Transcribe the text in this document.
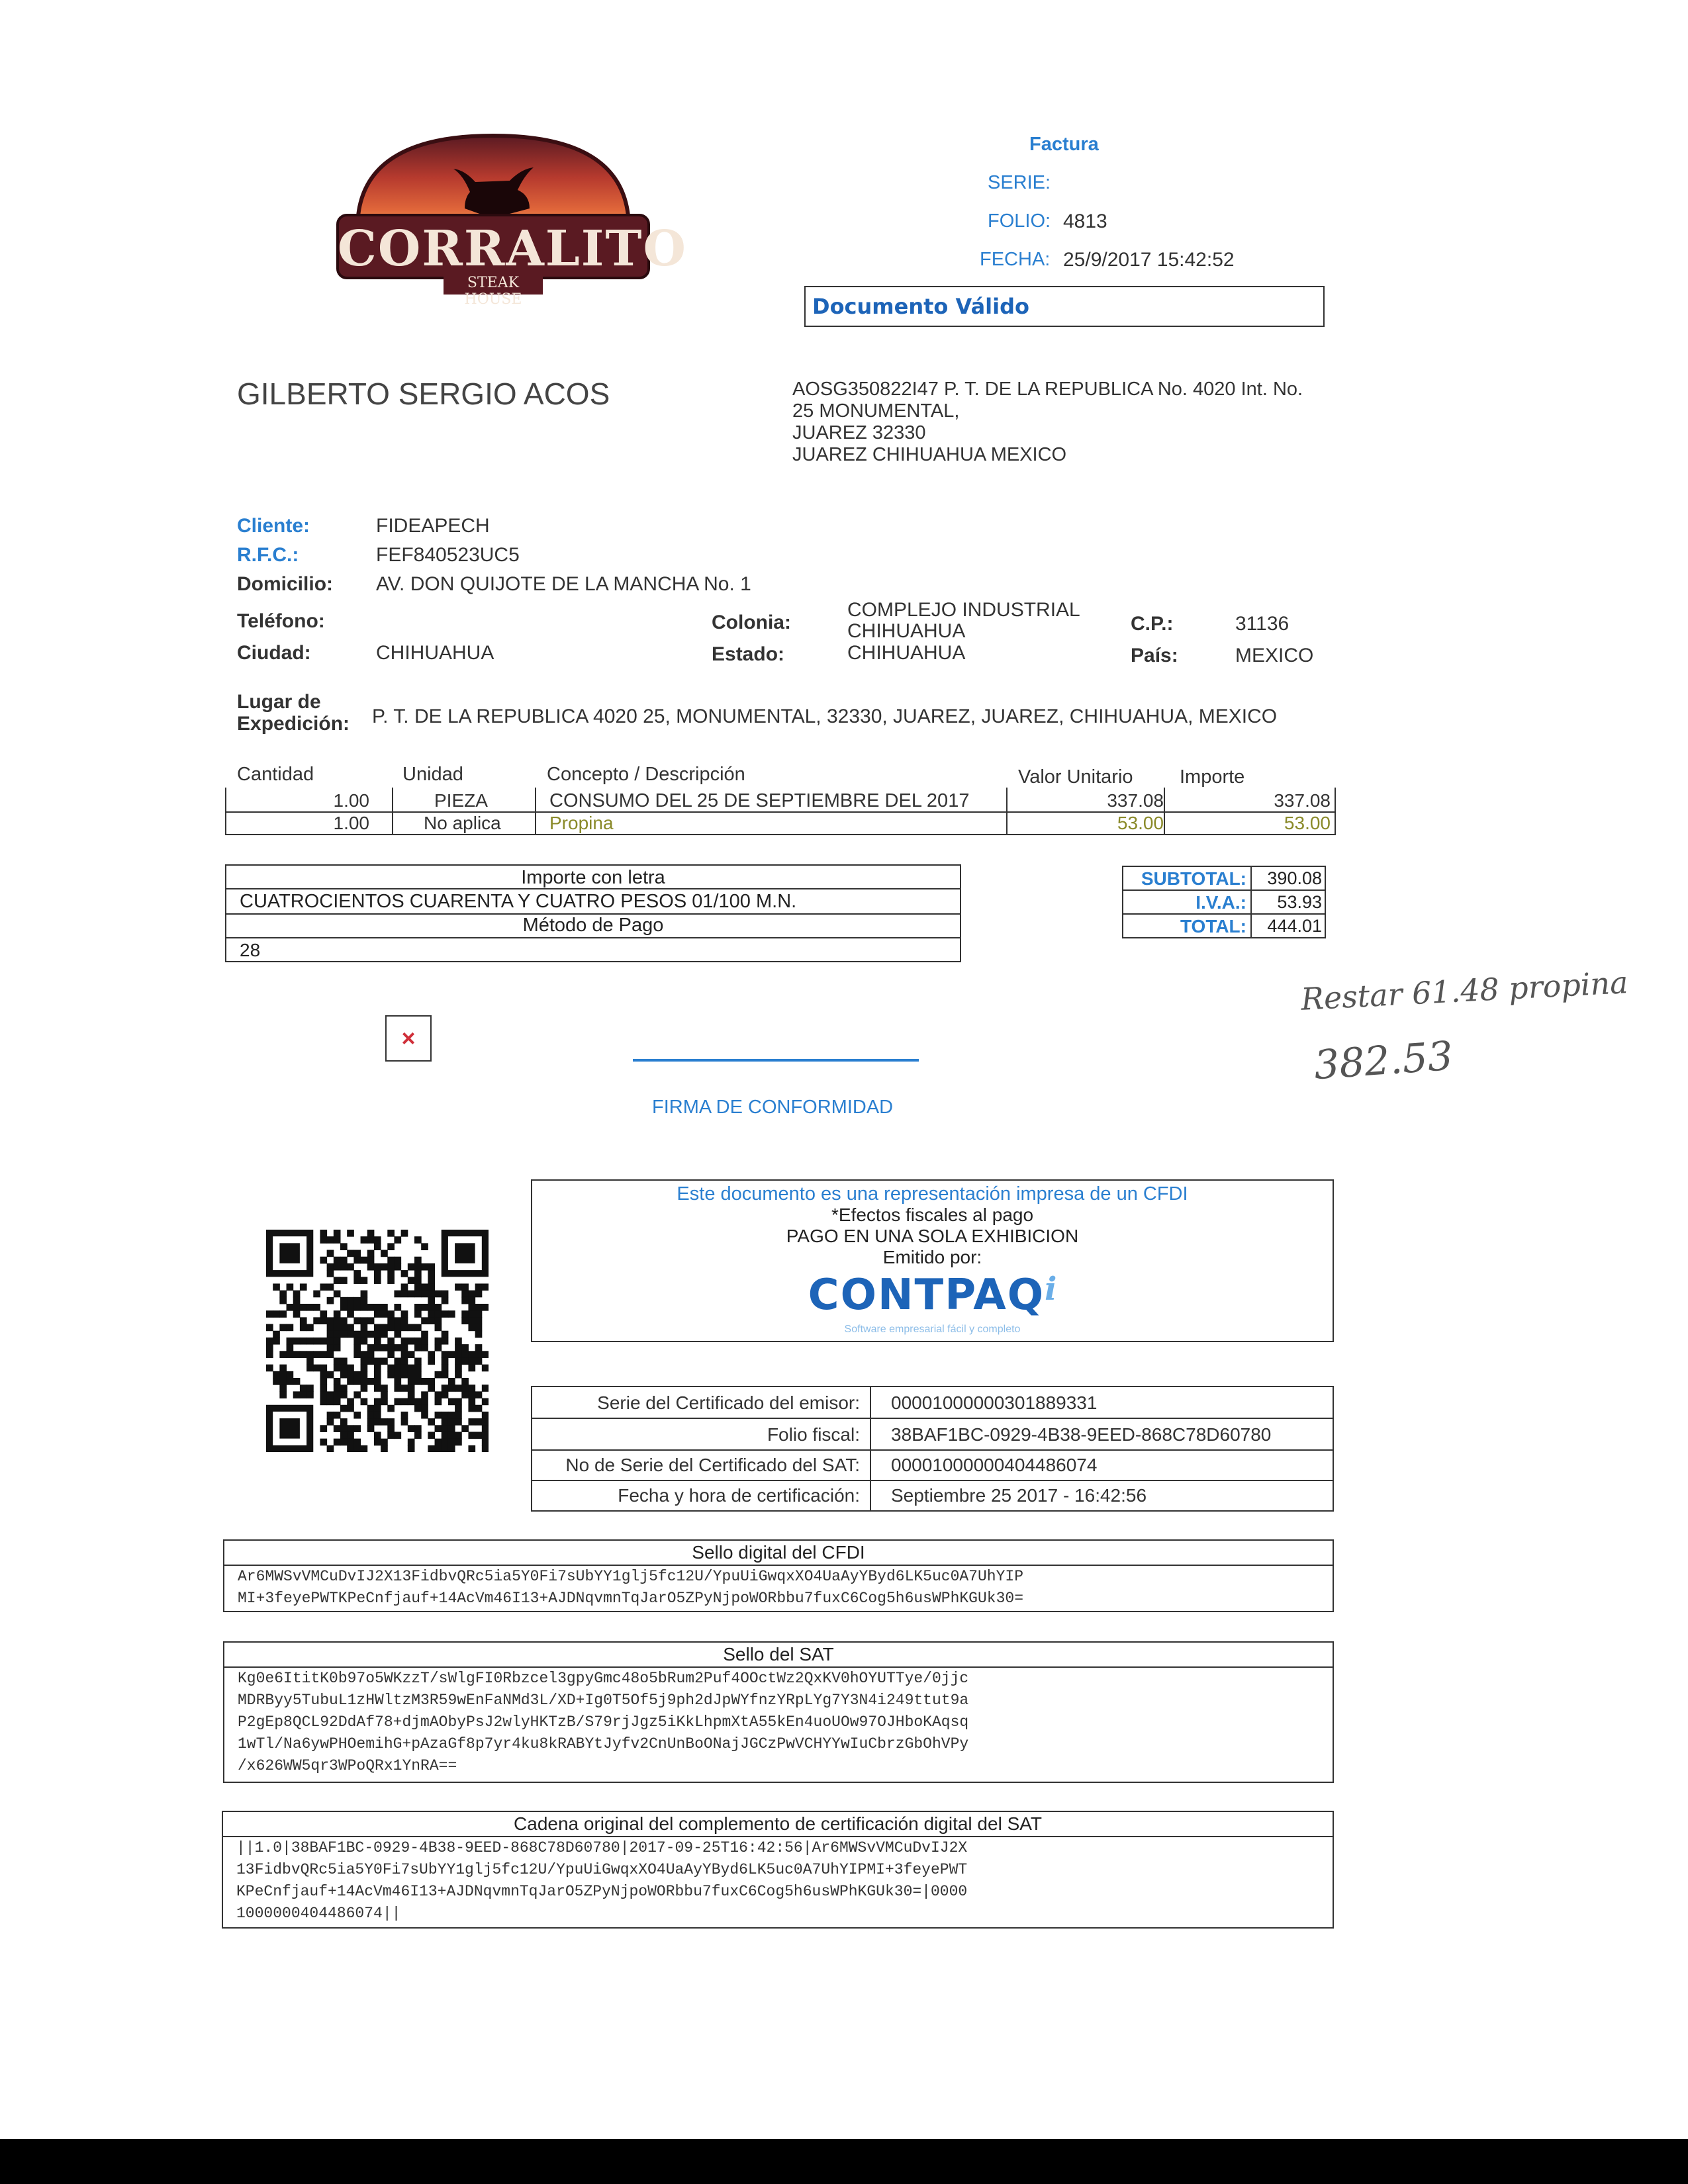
CORRALITO
STEAK HOUSE
Factura
SERIE:
FOLIO: 4813
FECHA: 25/9/2017 15:42:52
Documento Válido
GILBERTO SERGIO ACOS	AOSG350822I47 P. T. DE LA REPUBLICA No. 4020 Int. No.
25 MONUMENTAL,
JUAREZ 32330
JUAREZ CHIHUAHUA MEXICO
Cliente:	FIDEAPECH
R.F.C.:	FEF840523UC5
Domicilio: AV. DON QUIJOTE DE LA MANCHA No. 1
Teléfono:
Ciudad:	CHIHUAHUA
Colonia:
COMPLEJO INDUSTRIAL
CHIHUAHUA
Estado:	CHIHUAHUA
C.P.:	31136
País:	MEXICO
Lugar de
Expedición: P. T. DE LA REPUBLICA 4020 25, MONUMENTAL, 32330, JUAREZ, JUAREZ, CHIHUAHUA, MEXICO
Cantidad	Unidad	Concepto / Descripción	Valor Unitario Importe
1.00	PIEZA	CONSUMO DEL 25 DE SEPTIEMBRE DEL 2017	337.08	337.08
1.00	No aplica	Propina	53.00	53.00
Importe con letra
CUATROCIENTOS CUARENTA Y CUATRO PESOS 01/100 M.N.
Método de Pago
28
SUBTOTAL: 390.08
I.V.A.: 53.93
TOTAL: 444.01
Restar 61.48 propina
382.53
×
FIRMA DE CONFORMIDAD
Este documento es una representación impresa de un CFDI
*Efectos fiscales al pago
PAGO EN UNA SOLA EXHIBICION
Emitido por:
CONTPAQi
Software empresarial fácil y completo
Serie del Certificado del emisor: 00001000000301889331
Folio fiscal: 38BAF1BC-0929-4B38-9EED-868C78D60780
No de Serie del Certificado del SAT: 00001000000404486074
Fecha y hora de certificación: Septiembre 25 2017 - 16:42:56
Sello digital del CFDI
Ar6MWSvVMCuDvIJ2X13FidbvQRc5ia5Y0Fi7sUbYY1glj5fc12U/YpuUiGwqxXO4UaAyYByd6LK5uc0A7UhYIP
MI+3feyePWTKPeCnfjauf+14AcVm46I13+AJDNqvmnTqJarO5ZPyNjpoWORbbu7fuxC6Cog5h6usWPhKGUk30=
Sello del SAT
Kg0e6ItitK0b97o5WKzzT/sWlgFI0Rbzcel3gpyGmc48o5bRum2Puf4OOctWz2QxKV0hOYUTTye/0jjc
MDRByy5TubuL1zHWltzM3R59wEnFaNMd3L/XD+Ig0T5Of5j9ph2dJpWYfnzYRpLYg7Y3N4i249ttut9a
P2gEp8QCL92DdAf78+djmAObyPsJ2wlyHKTzB/S79rjJgz5iKkLhpmXtA55kEn4uoUOw97OJHboKAqsq
1wTl/Na6ywPHOemihG+pAzaGf8p7yr4ku8kRABYtJyfv2CnUnBoONajJGCzPwVCHYYwIuCbrzGbOhVPy
/x626WW5qr3WPoQRx1YnRA==
Cadena original del complemento de certificación digital del SAT
||1.0|38BAF1BC-0929-4B38-9EED-868C78D60780|2017-09-25T16:42:56|Ar6MWSvVMCuDvIJ2X
13FidbvQRc5ia5Y0Fi7sUbYY1glj5fc12U/YpuUiGwqxXO4UaAyYByd6LK5uc0A7UhYIPMI+3feyePWT
KPeCnfjauf+14AcVm46I13+AJDNqvmnTqJarO5ZPyNjpoWORbbu7fuxC6Cog5h6usWPhKGUk30=|0000
1000000404486074||
